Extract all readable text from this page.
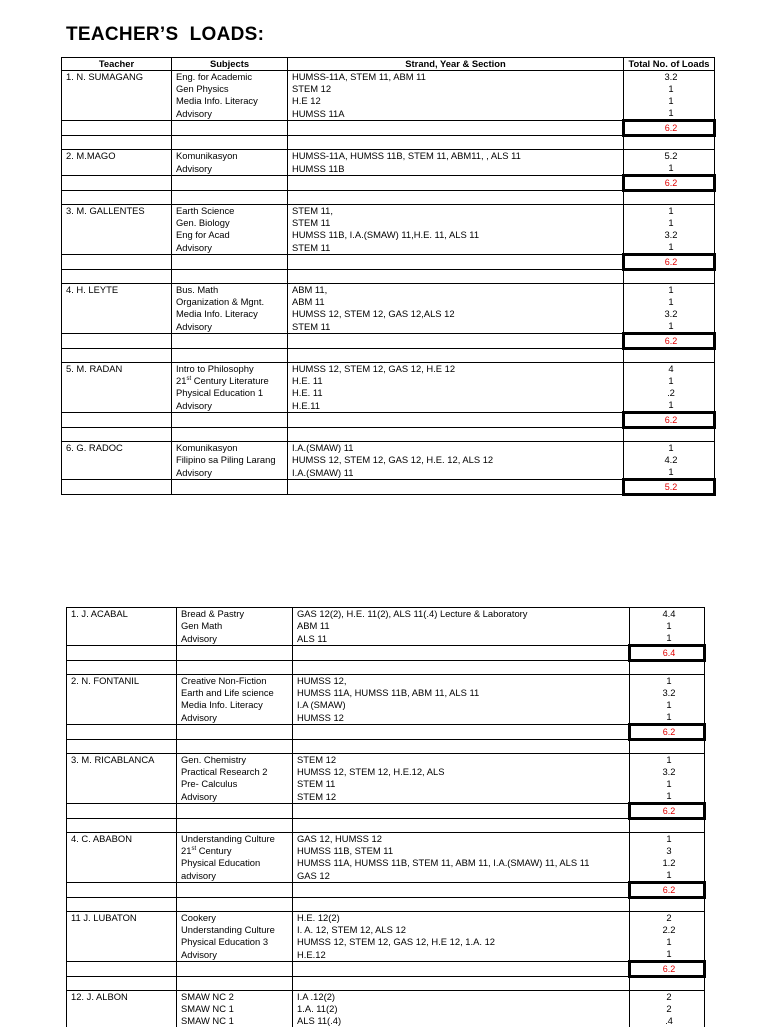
TEACHER’S  LOADS:
Teacher	Subjects	Strand, Year & Section	Total No. of Loads
1. N. SUMAGANG	Eng. for Academic	HUMSS-11A, STEM 11, ABM 11	3.2
	Gen Physics	STEM 12	1
	Media Info. Literacy	H.E 12	1
	Advisory	HUMSS 11A	1
			6.2

2. M.MAGO	Komunikasyon	HUMSS-11A, HUMSS 11B, STEM 11, ABM11, , ALS 11	5.2
	Advisory	HUMSS 11B	1
			6.2

3. M. GALLENTES	Earth Science	STEM 11,	1
	Gen. Biology	STEM 11	1
	Eng for Acad	HUMSS 11B, I.A.(SMAW) 11,H.E. 11, ALS 11	3.2
	Advisory	STEM 11	1
			6.2

4. H. LEYTE	Bus. Math	ABM 11,	1
	Organization & Mgnt.	ABM 11	1
	Media Info. Literacy	HUMSS 12, STEM 12, GAS 12,ALS 12	3.2
	Advisory	STEM 11	1
			6.2

5. M. RADAN	Intro to Philosophy	HUMSS 12, STEM 12, GAS 12, H.E 12	4
	21st Century Literature	H.E. 11	1
	Physical Education 1	H.E. 11	.2
	Advisory	H.E.11	1
			6.2

6. G. RADOC	Komunikasyon	I.A.(SMAW) 11	1
	Filipino sa Piling Larang	HUMSS 12, STEM 12, GAS 12, H.E. 12, ALS 12	4.2
	Advisory	I.A.(SMAW) 11	1
			5.2
1. J. ACABAL	Bread & Pastry	GAS 12(2), H.E. 11(2), ALS 11(.4) Lecture & Laboratory	4.4
	Gen Math	ABM 11	1
	Advisory	ALS 11	1
			6.4

2. N. FONTANIL	Creative Non-Fiction	HUMSS 12,	1
	Earth and Life science	HUMSS 11A, HUMSS 11B, ABM 11, ALS 11	3.2
	Media Info. Literacy	I.A (SMAW)	1
	Advisory	HUMSS 12	1
			6.2

3. M. RICABLANCA	Gen. Chemistry	STEM 12	1
	Practical Research 2	HUMSS 12, STEM 12, H.E.12, ALS	3.2
	Pre- Calculus	STEM 11	1
	Advisory	STEM 12	1
			6.2

4. C. ABABON	Understanding Culture	GAS 12, HUMSS 12	1
	21st Century	HUMSS 11B, STEM 11	3
	Physical Education	HUMSS 11A, HUMSS 11B, STEM 11, ABM 11, I.A.(SMAW) 11, ALS 11	1.2
	advisory	GAS 12	1
			6.2

11 J. LUBATON	Cookery	H.E. 12(2)	2
	Understanding Culture	I. A. 12, STEM 12, ALS 12	2.2
	Physical Education 3	HUMSS 12, STEM 12, GAS 12, H.E 12, 1.A. 12	1
	Advisory	H.E.12	1
			6.2

12. J. ALBON	SMAW NC 2	I.A .12(2)	2
	SMAW NC 1	1.A. 11(2)	2
	SMAW NC 1	ALS 11(.4)	.4
